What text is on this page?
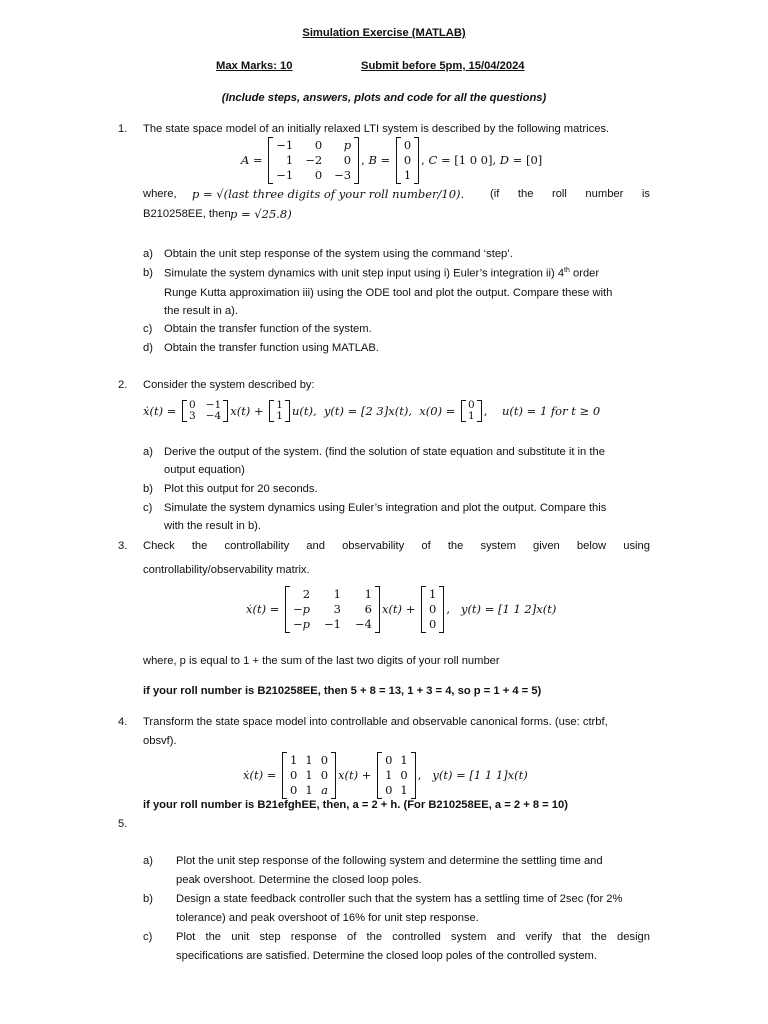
Simulation Exercise (MATLAB)
Max Marks: 10	Submit before 5pm, 15/04/2024
(Include steps, answers, plots and code for all the questions)
1. The state space model of an initially relaxed LTI system is described by the following matrices.
A =
−1	0	p
1 −2	0
−1	0 −3
, B =
0
0
1
, C = [1 0 0] , D = [0]
where, p = √(last three digits of your roll number/10). (if the roll number is
B210258EE, then p = √25.8)
a) Obtain the unit step response of the system using the command ‘step’.
b) Simulate the system dynamics with unit step input using i) Euler’s integration ii) 4th order
Runge Kutta approximation iii) using the ODE tool and plot the output. Compare these with
the result in a).
c) Obtain the transfer function of the system.
d) Obtain the transfer function using MATLAB.
2. Consider the system described by:
ẋ(t) = 0 −1
3 −4 x(t) + 1
1 u(t),
y(t) = [2 3]x(t),
x(0) = 0
1 , u(t) = 1 for t ≥ 0
a) Derive the output of the system. (find the solution of state equation and substitute it in the
output equation)
b) Plot this output for 20 seconds.
c) Simulate the system dynamics using Euler’s integration and plot the output. Compare this
with the result in b).
3. Check the controllability and observability of the system given below using
controllability/observability matrix.
ẋ(t) =
2	1	1
−p	3	6
−p −1 −4
x(t) +
1
0
0
, y(t) = [1 1 2]x(t)
where, p is equal to 1 + the sum of the last two digits of your roll number
if your roll number is B210258EE, then 5 + 8 = 13, 1 + 3 = 4, so p = 1 + 4 = 5)
4. Transform the state space model into controllable and observable canonical forms. (use: ctrbf,
obsvf).
ẋ(t) =
1 1 0
0 1 0
0 1 a
x(t) +
0 1
1 0
0 1
, y(t) = [1 1 1]x(t)
if your roll number is B21efghEE, then, a = 2 + h. (For B210258EE, a = 2 + 8 = 10)
5.
a) Plot the unit step response of the following system and determine the settling time and
peak overshoot. Determine the closed loop poles.
b) Design a state feedback controller such that the system has a settling time of 2sec (for 2%
tolerance) and peak overshoot of 16% for unit step response.
c) Plot the unit step response of the controlled system and verify that the design
specifications are satisfied. Determine the closed loop poles of the controlled system.
